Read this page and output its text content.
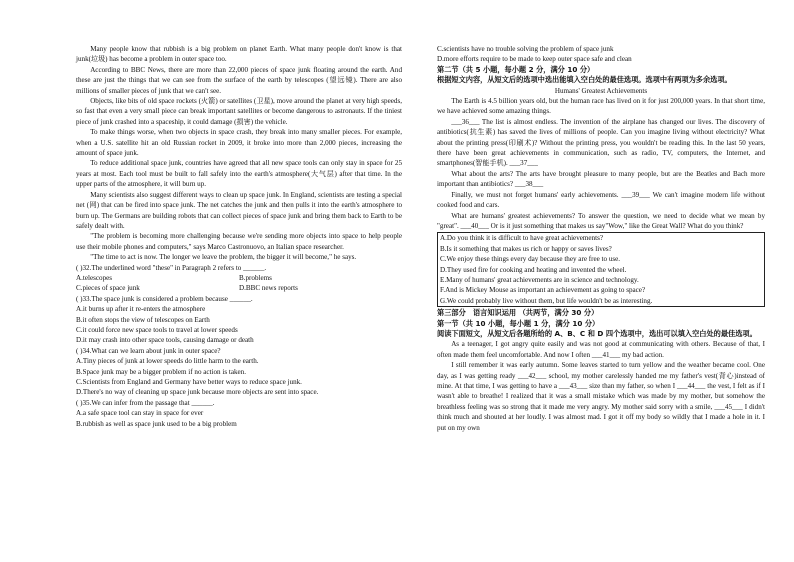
Many people know that rubbish is a big problem on planet Earth. What many people don't know is that junk(垃圾) has become a problem in outer space too.

According to BBC News, there are more than 22,000 pieces of space junk floating around the earth. And these are just the things that we can see from the surface of the earth by telescopes (望远镜). There are also millions of smaller pieces of junk that we can't see.

Objects, like bits of old space rockets (火箭) or satellites (卫星), move around the planet at very high speeds, so fast that even a very small piece can break important satellites or become dangerous to astronauts. If the tiniest piece of junk crashed into a spaceship, it could damage (损害) the vehicle.

To make things worse, when two objects in space crash, they break into many smaller pieces. For example, when a U.S. satellite hit an old Russian rocket in 2009, it broke into more than 2,000 pieces, increasing the amount of space junk.

To reduce additional space junk, countries have agreed that all new space tools can only stay in space for 25 years at most. Each tool must be built to fall safely into the earth's atmosphere(大气层) after that time. In the upper parts of the atmosphere, it will burn up.

Many scientists also suggest different ways to clean up space junk. In England, scientists are testing a special net (网) that can be fired into space junk. The net catches the junk and then pulls it into the earth's atmosphere to burn up. The Germans are building robots that can collect pieces of space junk and bring them back to Earth to be safely dealt with.

"The problem is becoming more challenging because we're sending more objects into space to help people use their mobile phones and computers," says Marco Castronuovo, an Italian space researcher.

"The time to act is now. The longer we leave the problem, the bigger it will become," he says.

( )32.The underlined word "these" in Paragraph 2 refers to ______.

A.telescopes	B.problems
C.pieces of space junk	D.BBC news reports

( )33.The space junk is considered a problem because ______.

A.it burns up after it re-enters the atmosphere

B.it often stops the view of telescopes on Earth

C.it could force new space tools to travel at lower speeds

D.it may crash into other space tools, causing damage or death

( )34.What can we learn about junk in outer space?

A.Tiny pieces of junk at lower speeds do little harm to the earth.

B.Space junk may be a bigger problem if no action is taken.

C.Scientists from England and Germany have better ways to reduce space junk.

D.There's no way of cleaning up space junk because more objects are sent into space.

( )35.We can infer from the passage that ______.

A.a safe space tool can stay in space for ever

B.rubbish as well as space junk used to be a big problem

C.scientists have no trouble solving the problem of space junk

D.more efforts require to be made to keep outer space safe and clean

第二节（共 5 小题，每小题 2 分，满分 10 分）

根据短文内容，从短文后的选项中选出能填入空白处的最佳选项。选项中有两项为多余选项。

Humans' Greatest Achievements

The Earth is 4.5 billion years old, but the human race has lived on it for just 200,000 years. In that short time, we have achieved some amazing things.

___36___ The list is almost endless. The invention of the airplane has changed our lives. The discovery of antibiotics(抗生素) has saved the lives of millions of people. Can you imagine living without electricity? What about the printing press(印刷术)? Without the printing press, you wouldn't be reading this. In the last 50 years, there have been great achievements in communication, such as radio, TV, computers, the Internet, and smartphones(智能手机). ___37___

What about the arts? The arts have brought pleasure to many people, but are the Beatles and Bach more important than antibiotics? ___38___

Finally, we must not forget humans' early achievements. ___39___ We can't imagine modern life without cooked food and cars.

What are humans' greatest achievements? To answer the question, we need to decide what we mean by "great". ___40___ Or is it just something that makes us say"Wow," like the Great Wall? What do you think?

A.Do you think it is difficult to have great achievements?

B.Is it something that makes us rich or happy or saves lives?

C.We enjoy these things every day because they are free to use.

D.They used fire for cooking and heating and invented the wheel.

E.Many of humans' great achievements are in science and technology.

F.And is Mickey Mouse as important an achievement as going to space?

G.We could probably live without them, but life wouldn't be as interesting.

第三部分　语言知识运用 （共两节，满分 30 分）

第一节（共 10 小题，每小题 1 分，满分 10 分）

阅读下面短文，从短文后各题所给的 A、B、C 和 D 四个选项中，选出可以填入空白处的最佳选项。

As a teenager, I got angry quite easily and was not good at communicating with others. Because of that, I often made them feel uncomfortable. And now I often ___41___ my bad action.

I still remember it was early autumn. Some leaves started to turn yellow and the weather became cool. One day, as I was getting ready ___42___ school, my mother carelessly handed me my father's vest(背心)instead of mine. At that time, I was getting to have a ___43___ size than my father, so when I ___44___ the vest, I felt as if I wasn't able to breathe! I realized that it was a small mistake which was made by my mother, but somehow the breathless feeling was so strong that it made me very angry. My mother said sorry with a smile, ___45___ I didn't think much and shouted at her loudly. I was almost mad. I got it off my body so wildly that I made a hole in it. I put on my own
